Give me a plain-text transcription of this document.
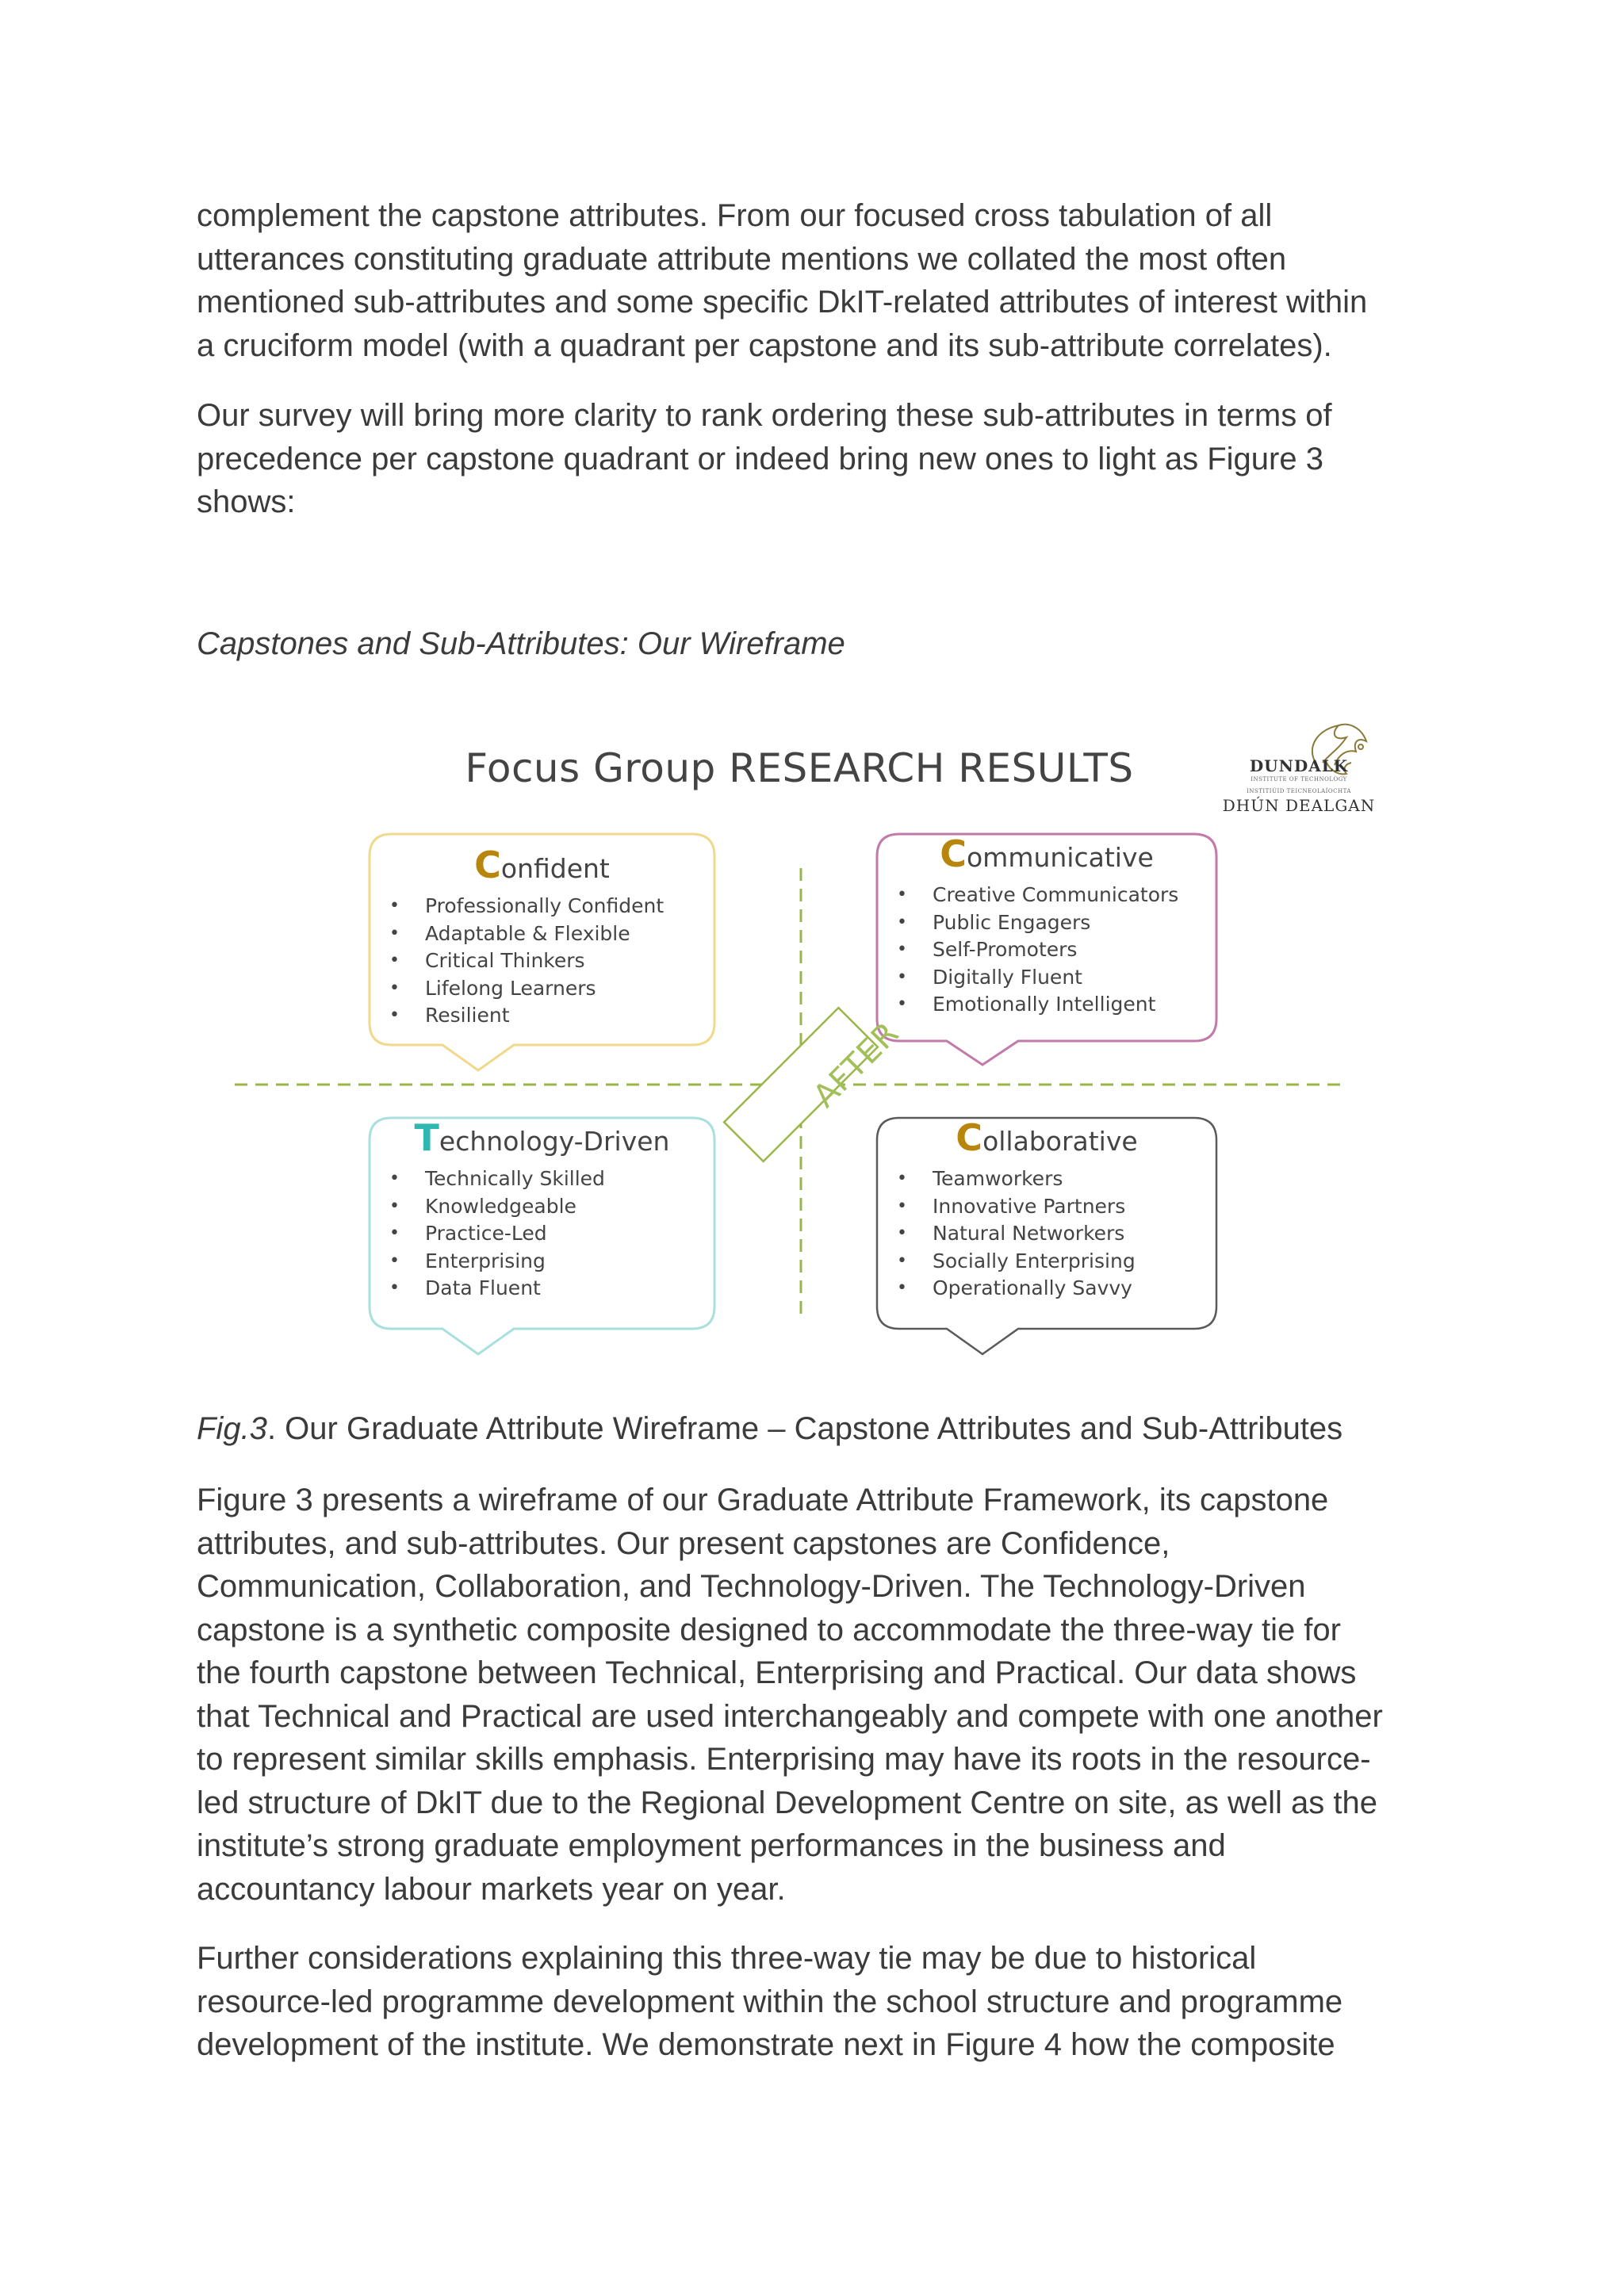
complement the capstone attributes. From our focused cross tabulation of all
utterances constituting graduate attribute mentions we collated the most often
mentioned sub-attributes and some specific DkIT-related attributes of interest within
a cruciform model (with a quadrant per capstone and its sub-attribute correlates).
Our survey will bring more clarity to rank ordering these sub-attributes in terms of
precedence per capstone quadrant or indeed bring new ones to light as Figure 3
shows:
Capstones and Sub-Attributes: Our Wireframe
Focus Group RESEARCH RESULTS	DUNDALK
INSTITUTE OF TECHNOLOGY
INSTITIÚID TEICNEOLAÍOCHTA
DHÚN DEALGAN
Confident
• Professionally Confident
• Adaptable & Flexible
• Critical Thinkers
• Lifelong Learners
• Resilient
Communicative
• Creative Communicators
• Public Engagers
• Self-Promoters
• Digitally Fluent
• Emotionally Intelligent
Technology-Driven
• Technically Skilled
• Knowledgeable
• Practice-Led
• Enterprising
• Data Fluent
Collaborative
• Teamworkers
• Innovative Partners
• Natural Networkers
• Socially Enterprising
• Operationally Savvy
AFTER
Fig.3. Our Graduate Attribute Wireframe – Capstone Attributes and Sub-Attributes
Figure 3 presents a wireframe of our Graduate Attribute Framework, its capstone
attributes, and sub-attributes. Our present capstones are Confidence,
Communication, Collaboration, and Technology-Driven. The Technology-Driven
capstone is a synthetic composite designed to accommodate the three-way tie for
the fourth capstone between Technical, Enterprising and Practical. Our data shows
that Technical and Practical are used interchangeably and compete with one another
to represent similar skills emphasis. Enterprising may have its roots in the resource-
led structure of DkIT due to the Regional Development Centre on site, as well as the
institute’s strong graduate employment performances in the business and
accountancy labour markets year on year.
Further considerations explaining this three-way tie may be due to historical
resource-led programme development within the school structure and programme
development of the institute. We demonstrate next in Figure 4 how the composite
